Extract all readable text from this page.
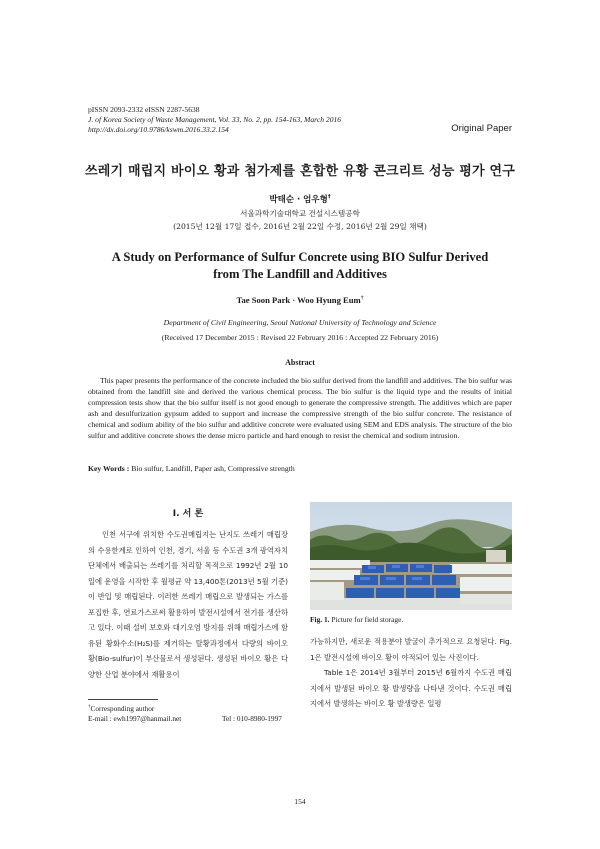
pISSN 2093-2332 eISSN 2287-5638
J. of Korea Society of Waste Management, Vol. 33, No. 2, pp. 154-163, March 2016
http://dx.doi.org/10.9786/kswm.2016.33.2.154	Original Paper
쓰레기 매립지 바이오 황과 첨가제를 혼합한 유황 콘크리트 성능 평가 연구
박태순 · 엄우형†
서울과학기술대학교 건설시스템공학
(2015년 12월 17일 접수, 2016년 2월 22일 수정, 2016년 2월 29일 채택)
A Study on Performance of Sulfur Concrete using BIO Sulfur Derived
from The Landfill and Additives
Tae Soon Park · Woo Hyung Eum†
Department of Civil Engineering, Seoul National University of Technology and Science
(Received 17 December 2015 : Revised 22 February 2016 : Accepted 22 February 2016)
Abstract

This paper presents the performance of the concrete included the bio sulfur derived from the landfill and additives. The bio sulfur was obtained from the landfill site and derived the various chemical process. The bio sulfur is the liquid type and the results of initial compression tests show that the bio sulfur itself is not good enough to generate the compressive strength. The additives which are paper ash and desulfurization gypsum added to support and increase the compressive strength of the bio sulfur concrete. The resistance of chemical and sodium ability of the bio sulfur and additive concrete were evaluated using SEM and EDS analysis. The structure of the bio sulfur and additive concrete shows the dense micro particle and hard enough to resist the chemical and sodium intrusion.

Key Words : Bio sulfur, Landfill, Paper ash, Compressive strength
I. 서 론

인천 서구에 위치한 수도권매립지는 난지도 쓰레기 매립장의 수용한계로 인하여 인천, 경기, 서울 등 수도권 3개 광역자치단체에서 배출되는 쓰레기를 처리할 목적으로 1992년 2월 10일에 운영을 시작한 후 월평균 약 13,400톤(2013년 5월 기준)이 반입 및 매립된다. 이러한 쓰레기 매립으로 발생되는 가스를 포집한 후, 연료가스로써 활용하여 발전시설에서 전기를 생산하고 있다. 이때 설비 보호와 대기오염 방지를 위해 매립가스에 함유된 황화수소(H₂S)를 제거하는 탈황과정에서 다량의 바이오 황(Bio-sulfur)이 부산물로서 생성된다. 생성된 바이오 황은 다양한 산업 분야에서 재활용이

Fig. 1. Picture for field storage.

가능하지만, 새로운 적용분야 발굴이 추가적으로 요청된다. Fig. 1은 발전시설에 바이오 황이 야적되어 있는 사진이다.

Table 1은 2014년 3월부터 2015년 6월까지 수도권 매립지에서 발생된 바이오 황 발생량을 나타낸 것이다. 수도권 매립지에서 발생하는 바이오 황 발생량은 일평

†Corresponding author
E-mail : ewh1997@hanmail.net	Tel : 010-8980-1997
154
